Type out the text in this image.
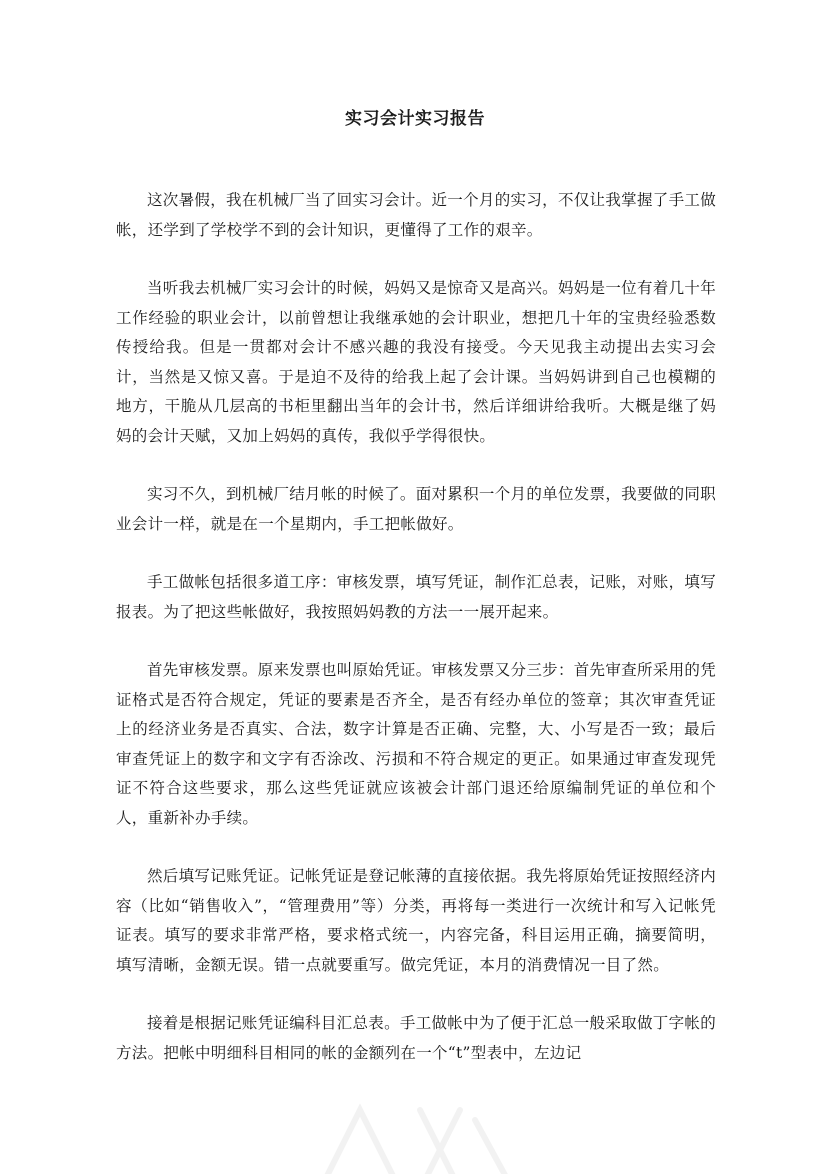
实习会计实习报告

这次暑假，我在机械厂当了回实习会计。近一个月的实习，不仅让我掌握了手工做帐，还学到了学校学不到的会计知识，更懂得了工作的艰辛。

当听我去机械厂实习会计的时候，妈妈又是惊奇又是高兴。妈妈是一位有着几十年工作经验的职业会计，以前曾想让我继承她的会计职业，想把几十年的宝贵经验悉数传授给我。但是一贯都对会计不感兴趣的我没有接受。今天见我主动提出去实习会计，当然是又惊又喜。于是迫不及待的给我上起了会计课。当妈妈讲到自己也模糊的地方，干脆从几层高的书柜里翻出当年的会计书，然后详细讲给我听。大概是继了妈妈的会计天赋，又加上妈妈的真传，我似乎学得很快。

实习不久，到机械厂结月帐的时候了。面对累积一个月的单位发票，我要做的同职业会计一样，就是在一个星期内，手工把帐做好。

手工做帐包括很多道工序：审核发票，填写凭证，制作汇总表，记账，对账，填写报表。为了把这些帐做好，我按照妈妈教的方法一一展开起来。

首先审核发票。原来发票也叫原始凭证。审核发票又分三步：首先审查所采用的凭证格式是否符合规定，凭证的要素是否齐全，是否有经办单位的签章；其次审查凭证上的经济业务是否真实、合法，数字计算是否正确、完整，大、小写是否一致；最后审查凭证上的数字和文字有否涂改、污损和不符合规定的更正。如果通过审查发现凭证不符合这些要求，那么这些凭证就应该被会计部门退还给原编制凭证的单位和个人，重新补办手续。

然后填写记账凭证。记帐凭证是登记帐薄的直接依据。我先将原始凭证按照经济内容（比如“销售收入”，“管理费用”等）分类，再将每一类进行一次统计和写入记帐凭证表。填写的要求非常严格，要求格式统一，内容完备，科目运用正确，摘要简明，填写清晰，金额无误。错一点就要重写。做完凭证，本月的消费情况一目了然。

接着是根据记账凭证编科目汇总表。手工做帐中为了便于汇总一般采取做丁字帐的方法。把帐中明细科目相同的帐的金额列在一个“t”型表中，左边记
